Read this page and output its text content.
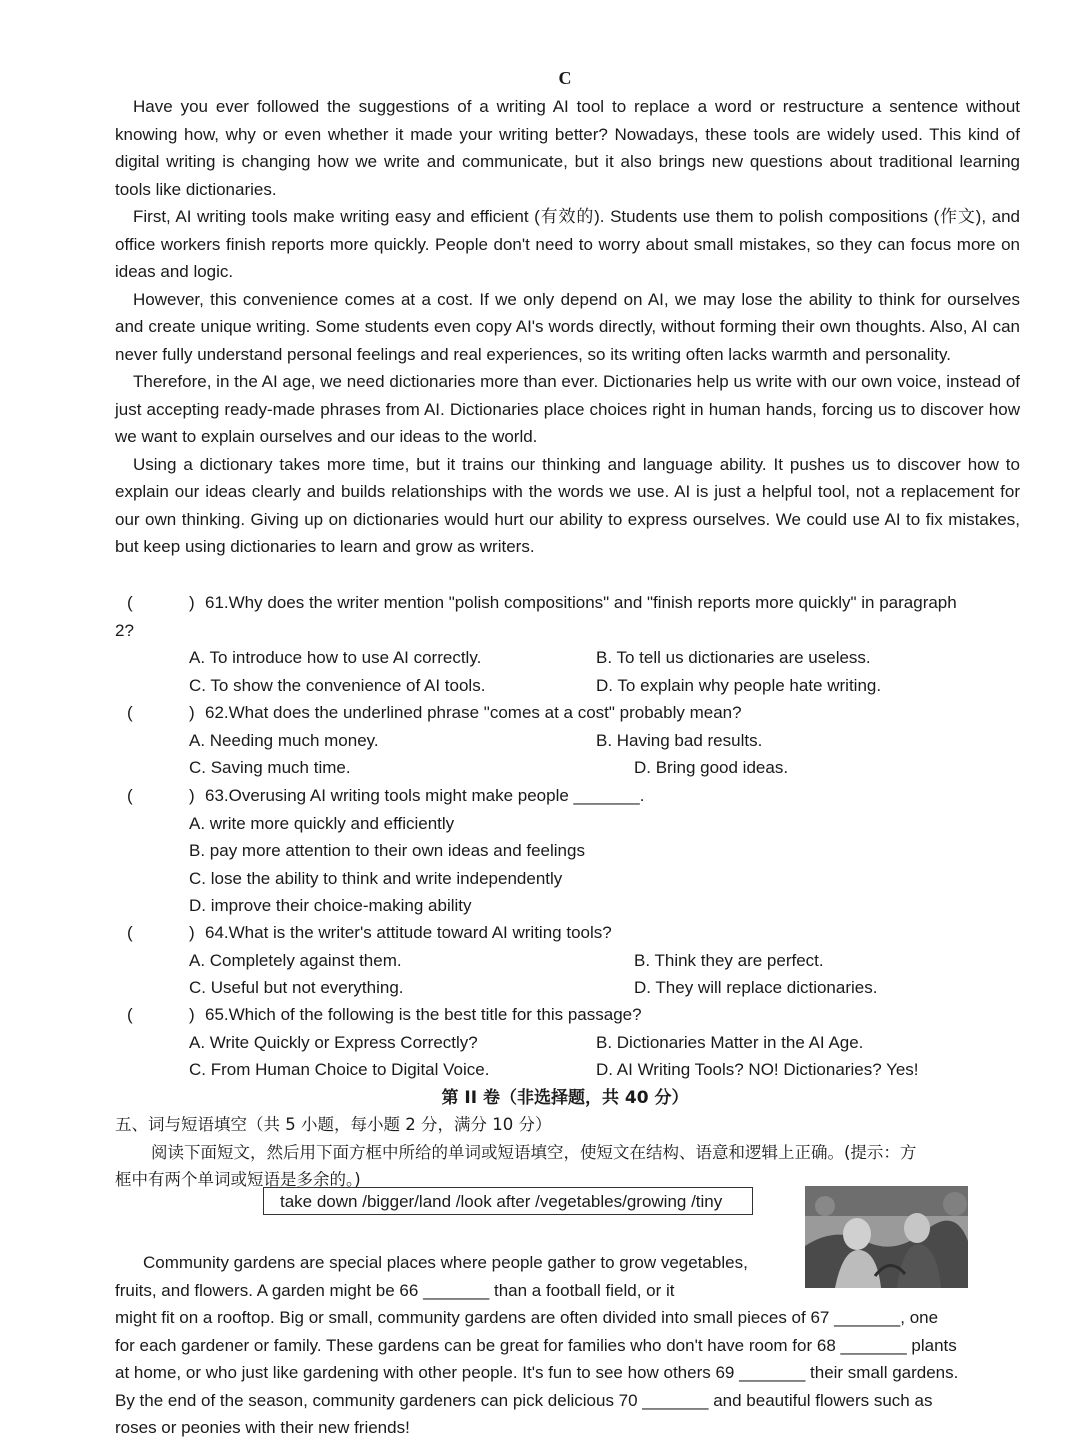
C

Have you ever followed the suggestions of a writing AI tool to replace a word or restructure a sentence without knowing how, why or even whether it made your writing better? Nowadays, these tools are widely used. This kind of digital writing is changing how we write and communicate, but it also brings new questions about traditional learning tools like dictionaries.

First, AI writing tools make writing easy and efficient (有效的). Students use them to polish compositions (作文), and office workers finish reports more quickly. People don't need to worry about small mistakes, so they can focus more on ideas and logic.

However, this convenience comes at a cost. If we only depend on AI, we may lose the ability to think for ourselves and create unique writing. Some students even copy AI's words directly, without forming their own thoughts. Also, AI can never fully understand personal feelings and real experiences, so its writing often lacks warmth and personality.

Therefore, in the AI age, we need dictionaries more than ever. Dictionaries help us write with our own voice, instead of just accepting ready-made phrases from AI. Dictionaries place choices right in human hands, forcing us to discover how we want to explain ourselves and our ideas to the world.

Using a dictionary takes more time, but it trains our thinking and language ability. It pushes us to discover how to explain our ideas clearly and builds relationships with the words we use. AI is just a helpful tool, not a replacement for our own thinking. Giving up on dictionaries would hurt our ability to express ourselves. We could use AI to fix mistakes, but keep using dictionaries to learn and grow as writers.

(	) 61.Why does the writer mention "polish compositions" and "finish reports more quickly" in paragraph
2?
A. To introduce how to use AI correctly.	B. To tell us dictionaries are useless.
C. To show the convenience of AI tools.	D. To explain why people hate writing.
(	) 62.What does the underlined phrase "comes at a cost" probably mean?
A. Needing much money.	B. Having bad results.
C. Saving much time.	D. Bring good ideas.
(	) 63.Overusing AI writing tools might make people _______.
A. write more quickly and efficiently
B. pay more attention to their own ideas and feelings
C. lose the ability to think and write independently
D. improve their choice-making ability
(	) 64.What is the writer's attitude toward AI writing tools?
A. Completely against them.	B. Think they are perfect.
C. Useful but not everything.	D. They will replace dictionaries.
(	) 65.Which of the following is the best title for this passage?
A. Write Quickly or Express Correctly?	B. Dictionaries Matter in the AI Age.
C. From Human Choice to Digital Voice.	D. AI Writing Tools? NO! Dictionaries? Yes!
第 II 卷（非选择题，共 40 分）
五、词与短语填空（共 5 小题，每小题 2 分，满分 10 分）
阅读下面短文，然后用下面方框中所给的单词或短语填空，使短文在结构、语意和逻辑上正确。(提示：方
框中有两个单词或短语是多余的。)
take down /bigger/land /look after /vegetables/growing /tiny
Community gardens are special places where people gather to grow vegetables,
fruits, and flowers. A garden might be 66 _______ than a football field, or it
might fit on a rooftop. Big or small, community gardens are often divided into small pieces of 67 _______, one
for each gardener or family. These gardens can be great for families who don't have room for 68 _______ plants
at home, or who just like gardening with other people. It's fun to see how others 69 _______ their small gardens.
By the end of the season, community gardeners can pick delicious 70 _______ and beautiful flowers such as
roses or peonies with their new friends!
